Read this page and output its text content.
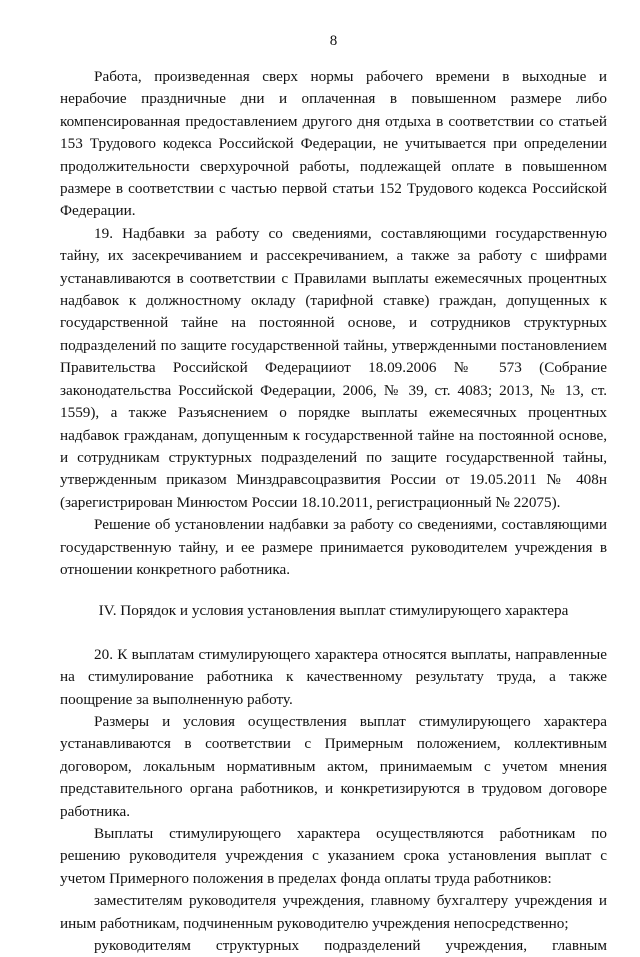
8

Работа, произведенная сверх нормы рабочего времени в выходные и нерабочие праздничные дни и оплаченная в повышенном размере либо компенсированная предоставлением другого дня отдыха в соответствии со статьей 153 Трудового кодекса Российской Федерации, не учитывается при определении продолжительности сверхурочной работы, подлежащей оплате в повышенном размере в соответствии с частью первой статьи 152 Трудового кодекса Российской Федерации.

19. Надбавки за работу со сведениями, составляющими государственную тайну, их засекречиванием и рассекречиванием, а также за работу с шифрами устанавливаются в соответствии с Правилами выплаты ежемесячных процентных надбавок к должностному окладу (тарифной ставке) граждан, допущенных к государственной тайне на постоянной основе, и сотрудников структурных подразделений по защите государственной тайны, утвержденными постановлением Правительства Российской Федерацииот 18.09.2006 № 573 (Собрание законодательства Российской Федерации, 2006, № 39, ст. 4083; 2013, № 13, ст. 1559), а также Разъяснением о порядке выплаты ежемесячных процентных надбавок гражданам, допущенным к государственной тайне на постоянной основе, и сотрудникам структурных подразделений по защите государственной тайны, утвержденным приказом Минздравсоцразвития России от 19.05.2011 № 408н (зарегистрирован Минюстом России 18.10.2011, регистрационный № 22075).

Решение об установлении надбавки за работу со сведениями, составляющими государственную тайну, и ее размере принимается руководителем учреждения в отношении конкретного работника.

IV. Порядок и условия установления выплат стимулирующего характера

20. К выплатам стимулирующего характера относятся выплаты, направленные на стимулирование работника к качественному результату труда, а также поощрение за выполненную работу.

Размеры и условия осуществления выплат стимулирующего характера устанавливаются в соответствии с Примерным положением, коллективным договором, локальным нормативным актом, принимаемым с учетом мнения представительного органа работников, и конкретизируются в трудовом договоре работника.

Выплаты стимулирующего характера осуществляются работникам по решению руководителя учреждения с указанием срока установления выплат с учетом Примерного положения в пределах фонда оплаты труда работников:

заместителям руководителя учреждения, главному бухгалтеру учреждения и иным работникам, подчиненным руководителю учреждения непосредственно;

руководителям структурных подразделений учреждения, главным
